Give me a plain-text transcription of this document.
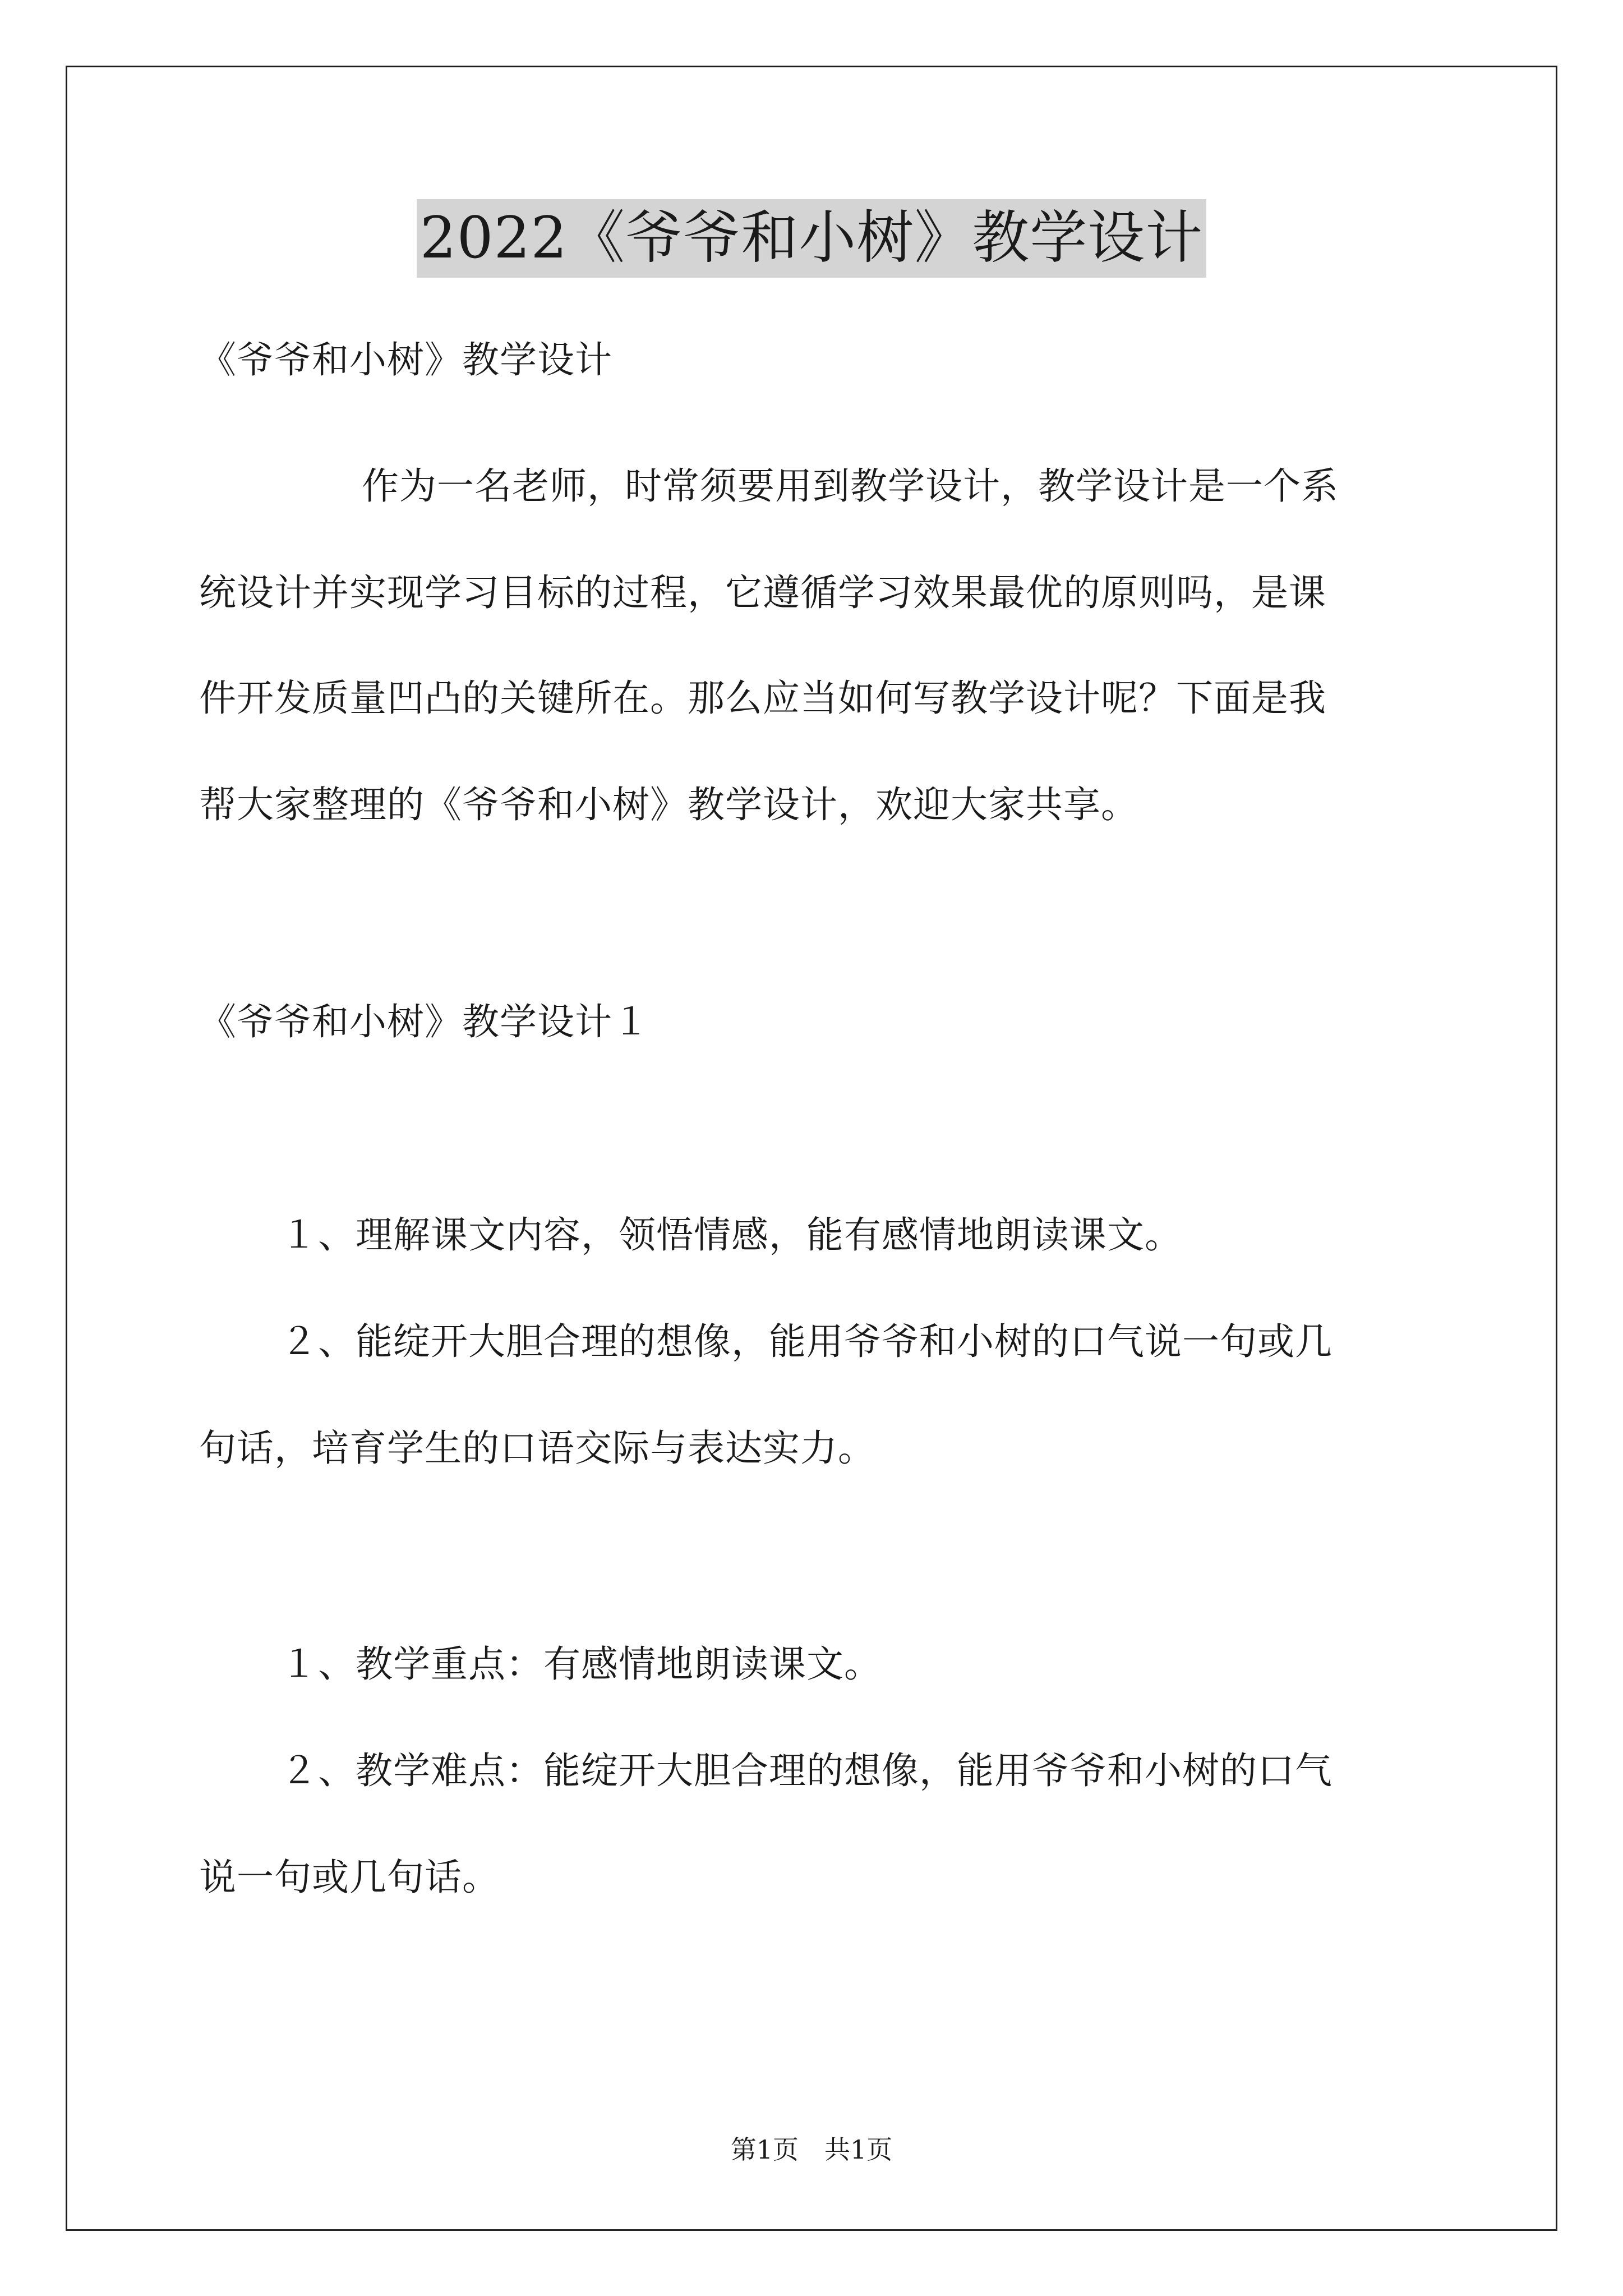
2022《爷爷和小树》教学设计
《爷爷和小树》教学设计
作为一名老师，时常须要用到教学设计，教学设计是一个系
统设计并实现学习目标的过程，它遵循学习效果最优的原则吗，是课
件开发质量凹凸的关键所在。那么应当如何写教学设计呢？下面是我
帮大家整理的《爷爷和小树》教学设计，欢迎大家共享。
《爷爷和小树》教学设计１
１、理解课文内容，领悟情感，能有感情地朗读课文。
２、能绽开大胆合理的想像，能用爷爷和小树的口气说一句或几
句话，培育学生的口语交际与表达实力。
１、教学重点：有感情地朗读课文。
２、教学难点：能绽开大胆合理的想像，能用爷爷和小树的口气
说一句或几句话。
第1页　共1页
